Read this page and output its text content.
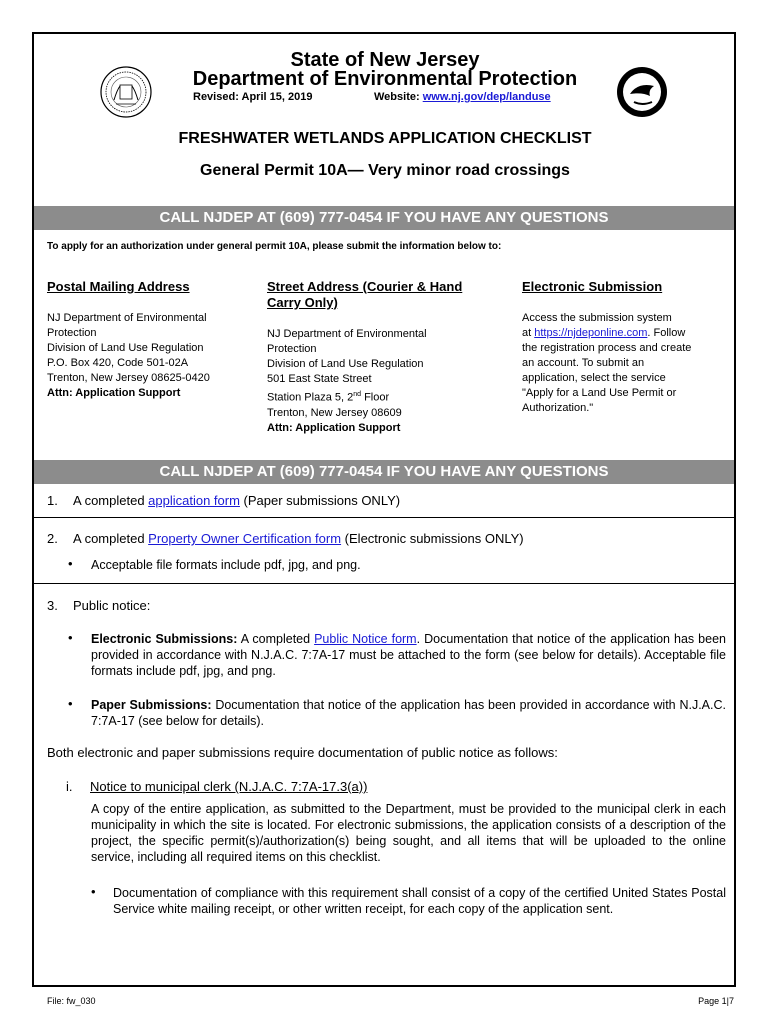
State of New Jersey
Department of Environmental Protection
Revised: April 15, 2019	Website: www.nj.gov/dep/landuse
FRESHWATER WETLANDS APPLICATION CHECKLIST
General Permit 10A— Very minor road crossings
CALL NJDEP AT (609) 777-0454 IF YOU HAVE ANY QUESTIONS
To apply for an authorization under general permit 10A, please submit the information below to:
Postal Mailing Address
NJ Department of Environmental
Protection
Division of Land Use Regulation
P.O. Box 420, Code 501-02A
Trenton, New Jersey 08625-0420
Attn: Application Support
Street Address (Courier & Hand
Carry Only)
NJ Department of Environmental
Protection
Division of Land Use Regulation
501 East State Street
Station Plaza 5, 2nd Floor
Trenton, New Jersey 08609
Attn: Application Support
Electronic Submission
Access the submission system
at https://njdeponline.com. Follow
the registration process and create
an account. To submit an
application, select the service
"Apply for a Land Use Permit or
Authorization."
CALL NJDEP AT (609) 777-0454 IF YOU HAVE ANY QUESTIONS
1. A completed application form (Paper submissions ONLY)
2. A completed Property Owner Certification form (Electronic submissions ONLY)
• Acceptable file formats include pdf, jpg, and png.
3. Public notice:
• Electronic Submissions: A completed Public Notice form. Documentation that notice of the application has been provided in accordance with N.J.A.C. 7:7A-17 must be attached to the form (see below for details). Acceptable file formats include pdf, jpg, and png.
• Paper Submissions: Documentation that notice of the application has been provided in accordance with N.J.A.C. 7:7A-17 (see below for details).
Both electronic and paper submissions require documentation of public notice as follows:
i. Notice to municipal clerk (N.J.A.C. 7:7A-17.3(a))
A copy of the entire application, as submitted to the Department, must be provided to the municipal clerk in each municipality in which the site is located. For electronic submissions, the application consists of a description of the project, the specific permit(s)/authorization(s) being sought, and all items that will be uploaded to the online service, including all required items on this checklist.
• Documentation of compliance with this requirement shall consist of a copy of the certified United States Postal Service white mailing receipt, or other written receipt, for each copy of the application sent.
File: fw_030	Page 1|7
